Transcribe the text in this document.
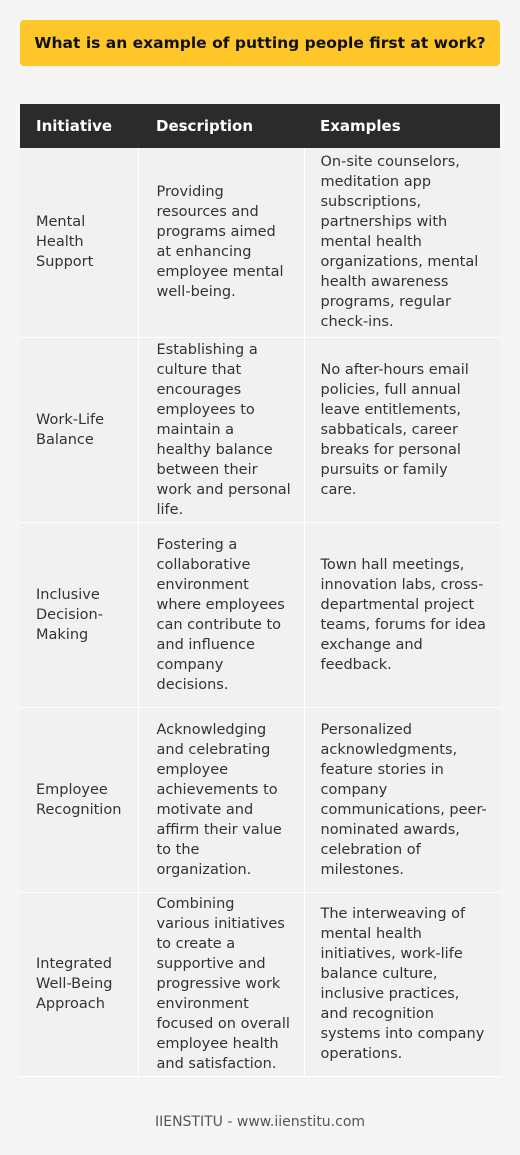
What is an example of putting people first at work?
Initiative	Description	Examples
Mental Health Support	Providing resources and programs aimed at enhancing employee mental well-being.	On-site counselors, meditation app subscriptions, partnerships with mental health organizations, mental health awareness programs, regular check-ins.
Work-Life Balance	Establishing a culture that encourages employees to maintain a healthy balance between their work and personal life.	No after-hours email policies, full annual leave entitlements, sabbaticals, career breaks for personal pursuits or family care.
Inclusive Decision-Making	Fostering a collaborative environment where employees can contribute to and influence company decisions.	Town hall meetings, innovation labs, cross-departmental project teams, forums for idea exchange and feedback.
Employee Recognition	Acknowledging and celebrating employee achievements to motivate and affirm their value to the organization.	Personalized acknowledgments, feature stories in company communications, peer-nominated awards, celebration of milestones.
Integrated Well-Being Approach	Combining various initiatives to create a supportive and progressive work environment focused on overall employee health and satisfaction.	The interweaving of mental health initiatives, work-life balance culture, inclusive practices, and recognition systems into company operations.
IIENSTITU - www.iienstitu.com
